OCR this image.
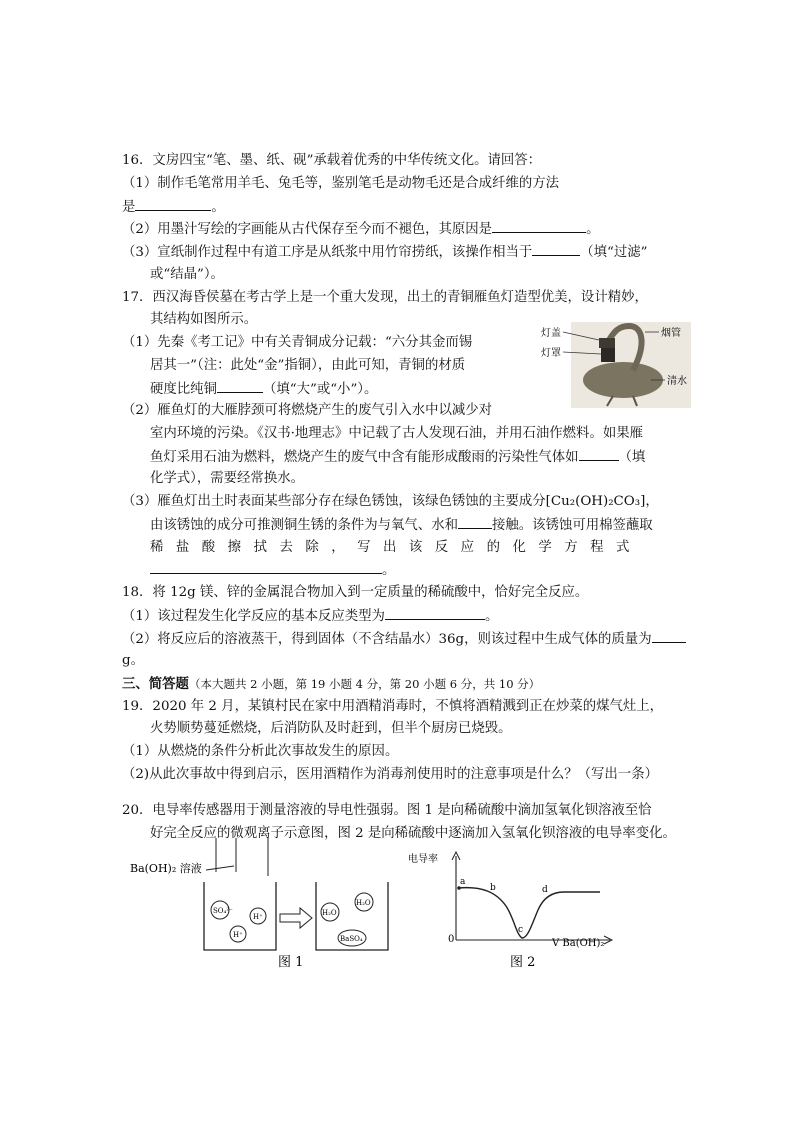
16．文房四宝“笔、墨、纸、砚”承载着优秀的中华传统文化。请回答：
（1）制作毛笔常用羊毛、兔毛等，鉴别笔毛是动物毛还是合成纤维的方法
是	。
（2）用墨汁写绘的字画能从古代保存至今而不褪色，其原因是	。
（3）宣纸制作过程中有道工序是从纸浆中用竹帘捞纸，该操作相当于	（填“过滤”
或“结晶”）。
17．西汉海昏侯墓在考古学上是一个重大发现，出土的青铜雁鱼灯造型优美，设计精妙，
其结构如图所示。
（1）先秦《考工记》中有关青铜成分记载：“六分其金而锡
居其一”（注：此处“金”指铜），由此可知，青铜的材质
硬度比纯铜	（填“大”或“小”）。
（2）雁鱼灯的大雁脖颈可将燃烧产生的废气引入水中以减少对
室内环境的污染。《汉书·地理志》中记载了古人发现石油，并用石油作燃料。如果雁
鱼灯采用石油为燃料，燃烧产生的废气中含有能形成酸雨的污染性气体如	（填
化学式），需要经常换水。
（3）雁鱼灯出土时表面某些部分存在绿色锈蚀，该绿色锈蚀的主要成分[Cu₂(OH)₂CO₃]，
由该锈蚀的成分可推测铜生锈的条件为与氧气、水和	接触。该锈蚀可用棉签蘸取
稀盐酸擦拭去除，写出该反应的化学方程式
。
灯盖	烟管
灯罩
清水
18．将 12g 镁、锌的金属混合物加入到一定质量的稀硫酸中，恰好完全反应。
（1）该过程发生化学反应的基本反应类型为	。
（2）将反应后的溶液蒸干，得到固体（不含结晶水）36g，则该过程中生成气体的质量为
g。
三、简答题（本大题共 2 小题，第 19 小题 4 分，第 20 小题 6 分，共 10 分）
19．2020 年 2 月，某镇村民在家中用酒精消毒时，不慎将酒精溅到正在炒菜的煤气灶上，
火势顺势蔓延燃烧，后消防队及时赶到，但半个厨房已烧毁。
（1）从燃烧的条件分析此次事故发生的原因。
（2)从此次事故中得到启示，医用酒精作为消毒剂使用时的注意事项是什么？（写出一条）
20．电导率传感器用于测量溶液的导电性强弱。图 1 是向稀硫酸中滴加氢氧化钡溶液至恰
好完全反应的微观离子示意图，图 2 是向稀硫酸中逐滴加入氢氧化钡溶液的电导率变化。
Ba(OH)₂ 溶液
SO₄²⁻
H⁺
H⁺
H₂O
H₂O
BaSO₄
图 1
电导率
0	V Ba(OH)₂
a
b
c
d
图 2
